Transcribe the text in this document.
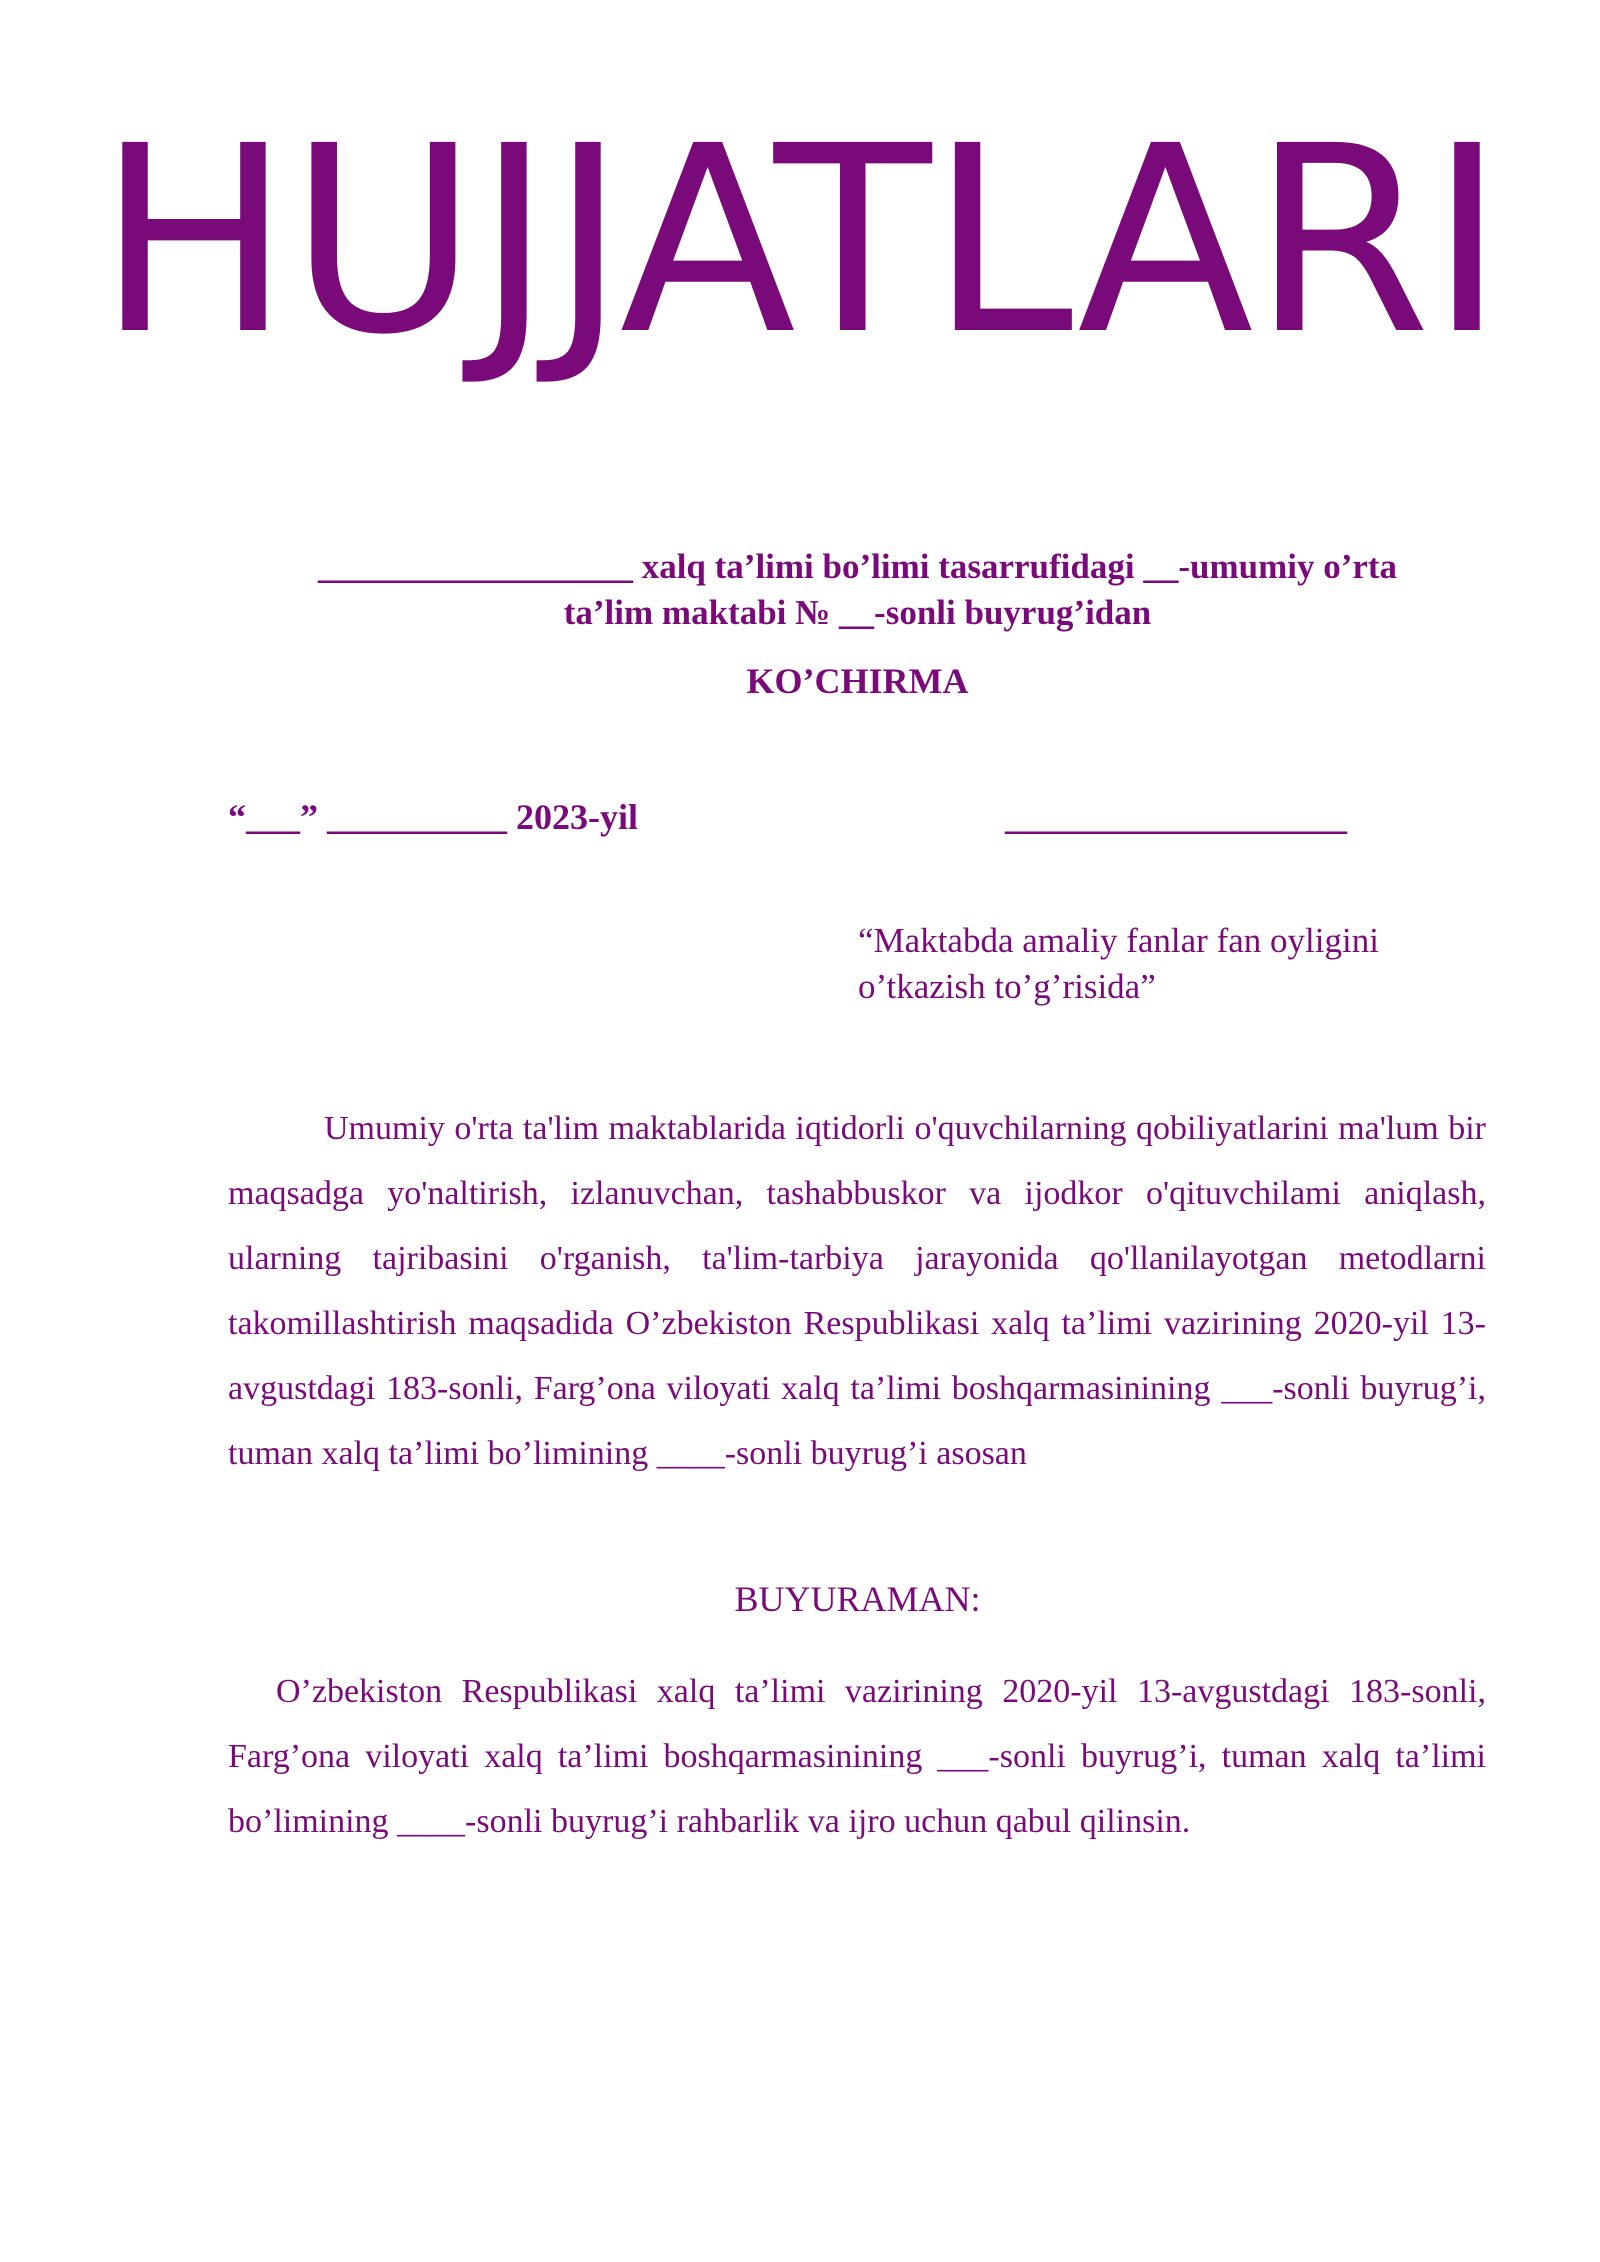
HUJJATLARI
__________________ xalq ta’limi bo’limi tasarrufidagi __-umumiy o’rta
ta’lim maktabi № __-sonli buyrug’idan
KO’CHIRMA
“___” __________ 2023-yil	___________________
“Maktabda amaliy fanlar fan oyligini
o’tkazish to’g’risida”
Umumiy o'rta ta'lim maktablarida iqtidorli o'quvchilarning qobiliyatlarini ma'lum bir maqsadga yo'naltirish, izlanuvchan, tashabbuskor va ijodkor o'qituvchilami aniqlash, ularning tajribasini o'rganish, ta'lim-tarbiya jarayonida qo'llanilayotgan metodlarni takomillashtirish maqsadida O’zbekiston Respublikasi xalq ta’limi vazirining 2020-yil 13-avgustdagi 183-sonli, Farg’ona viloyati xalq ta’limi boshqarmasinining ___-sonli buyrug’i, tuman xalq ta’limi bo’limining ____-sonli buyrug’i asosan
BUYURAMAN:
O’zbekiston Respublikasi xalq ta’limi vazirining 2020-yil 13-avgustdagi 183-sonli, Farg’ona viloyati xalq ta’limi boshqarmasinining ___-sonli buyrug’i, tuman xalq ta’limi bo’limining ____-sonli buyrug’i rahbarlik va ijro uchun qabul qilinsin.
